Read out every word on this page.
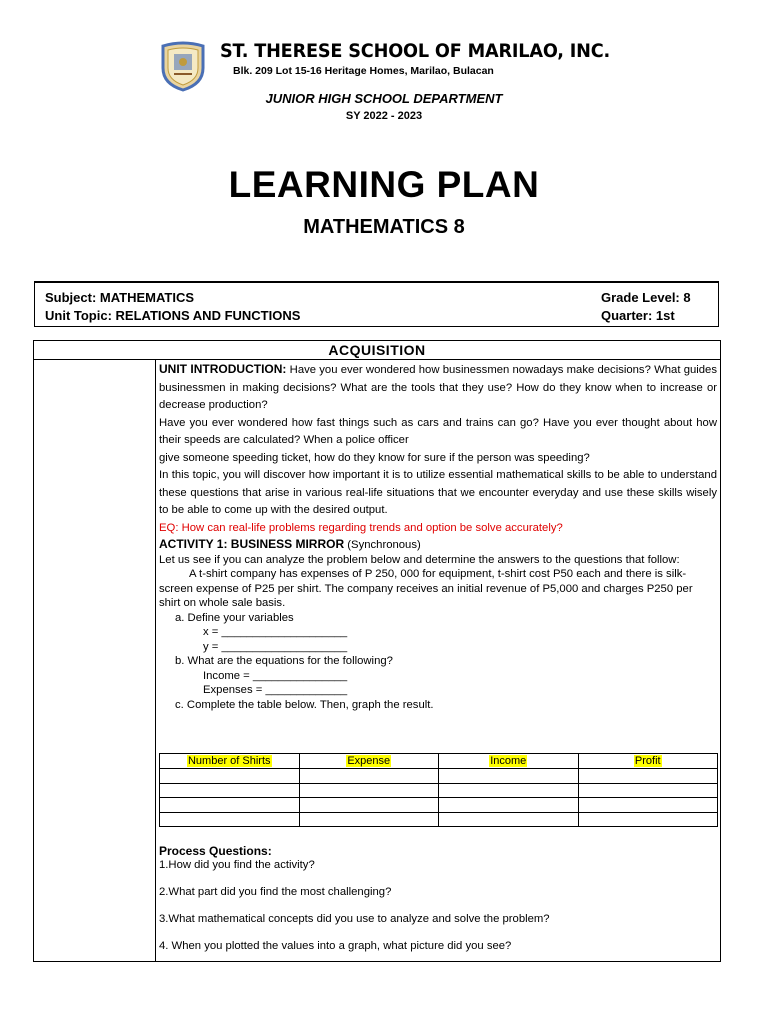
ST. THERESE SCHOOL OF MARILAO, INC.
Blk. 209 Lot 15-16 Heritage Homes, Marilao, Bulacan
JUNIOR HIGH SCHOOL DEPARTMENT
SY 2022 - 2023
LEARNING PLAN
MATHEMATICS 8
Subject: MATHEMATICS
Unit Topic: RELATIONS AND FUNCTIONS
Grade Level: 8
Quarter: 1st
ACQUISITION

UNIT INTRODUCTION: Have you ever wondered how businessmen nowadays make decisions? What guides businessmen in making decisions? What are the tools that they use? How do they know when to increase or decrease production?

Have you ever wondered how fast things such as cars and trains can go? Have you ever thought about how their speeds are calculated? When a police officer

give someone speeding ticket, how do they know for sure if the person was speeding?

In this topic, you will discover how important it is to utilize essential mathematical skills to be able to understand these questions that arise in various real-life situations that we encounter everyday and use these skills wisely to be able to come up with the desired output.

EQ: How can real-life problems regarding trends and option be solve accurately?

ACTIVITY 1: BUSINESS MIRROR (Synchronous)

Let us see if you can analyze the problem below and determine the answers to the questions that follow:

A t-shirt company has expenses of P 250, 000 for equipment, t-shirt cost P50 each and there is silk-screen expense of P25 per shirt. The company receives an initial revenue of P5,000 and charges P250 per shirt on whole sale basis.

a. Define your variables

x = ____________________

y = ____________________

b. What are the equations for the following?

Income = _______________

Expenses = _____________

c. Complete the table below. Then, graph the result.

Number of Shirts	Expense	Income	Profit

Process Questions:

1.How did you find the activity?

2.What part did you find the most challenging?

3.What mathematical concepts did you use to analyze and solve the problem?

4. When you plotted the values into a graph, what picture did you see?
